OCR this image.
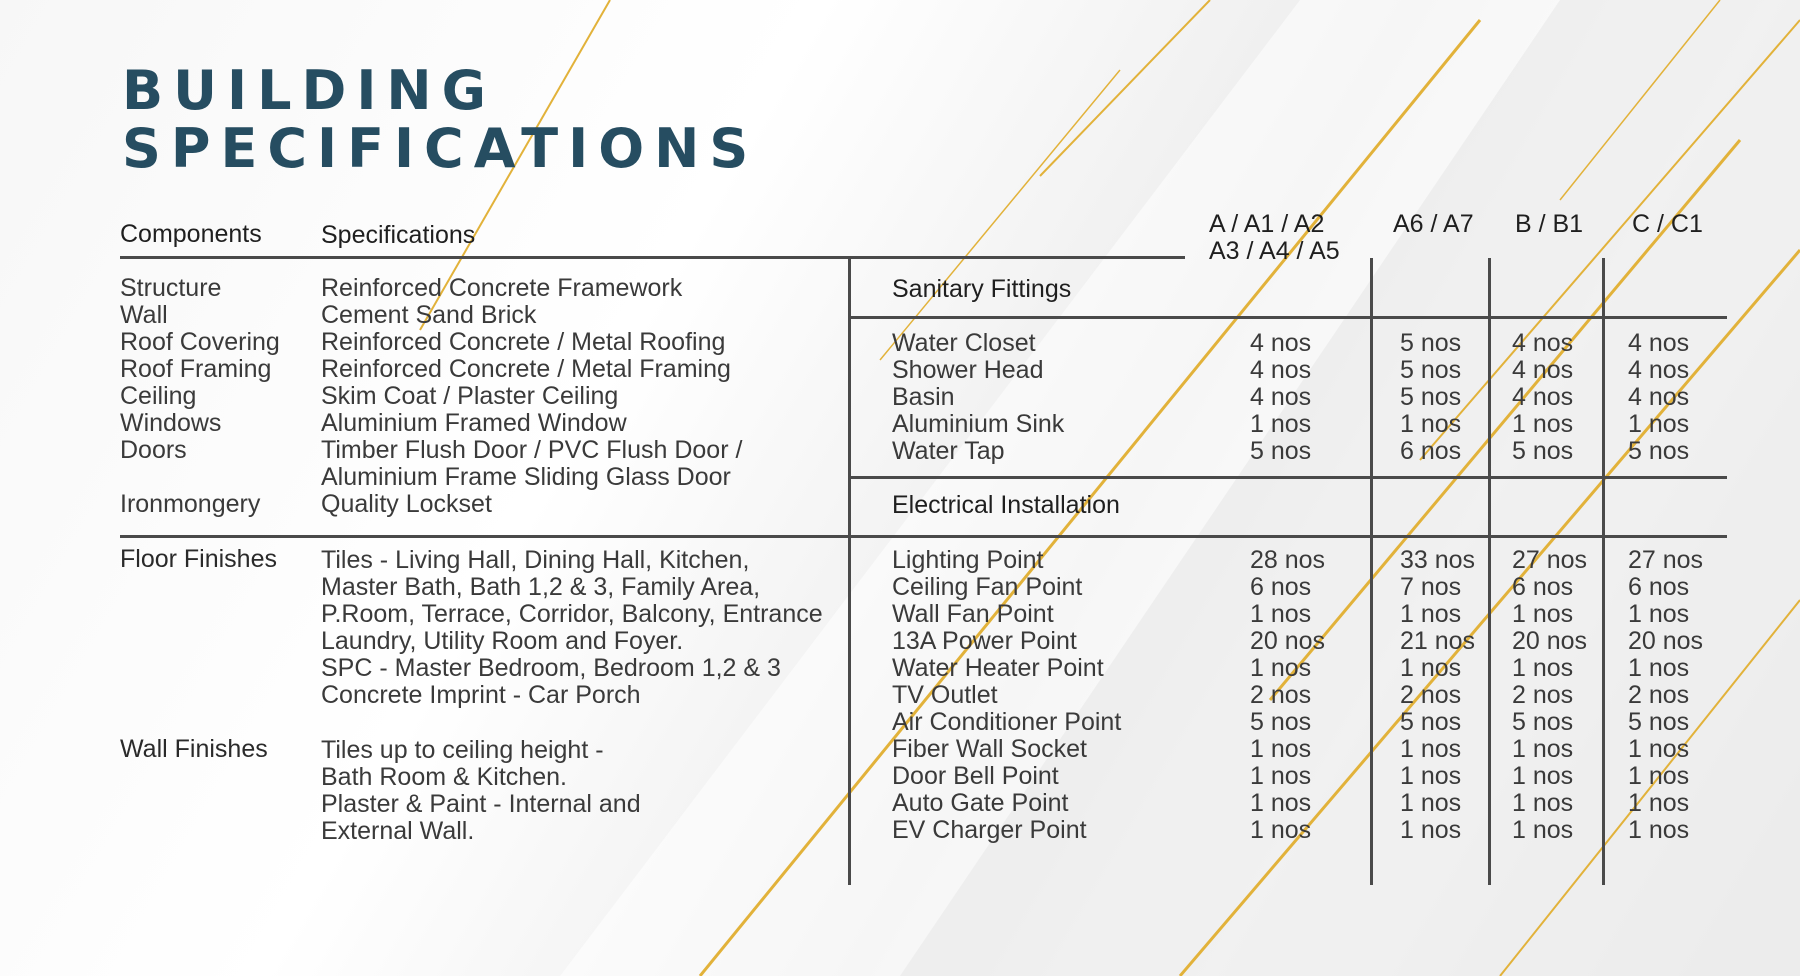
BUILDING
SPECIFICATIONS
Components Specifications	A / A1 / A2
A3 / A4 / A5
A6 / A7 B / B1 C / C1
Structure
Wall
Roof Covering
Roof Framing
Ceiling
Windows
Doors
Ironmongery
Reinforced Concrete Framework
Cement Sand Brick
Reinforced Concrete / Metal Roofing
Reinforced Concrete / Metal Framing
Skim Coat / Plaster Ceiling
Aluminium Framed Window
Timber Flush Door / PVC Flush Door /
Aluminium Frame Sliding Glass Door
Quality Lockset
Floor Finishes Tiles - Living Hall, Dining Hall, Kitchen,
Master Bath, Bath 1,2 & 3, Family Area,
P.Room, Terrace, Corridor, Balcony, Entrance
Laundry, Utility Room and Foyer.
SPC - Master Bedroom, Bedroom 1,2 & 3
Concrete Imprint - Car Porch
Wall Finishes Tiles up to ceiling height -
Bath Room & Kitchen.
Plaster & Paint - Internal and
External Wall.
Sanitary Fittings
Water Closet
Shower Head
Basin
Aluminium Sink
Water Tap
4 nos
4 nos
4 nos
1 nos
5 nos
5 nos
5 nos
5 nos
1 nos
6 nos
4 nos
4 nos
4 nos
1 nos
5 nos
4 nos
4 nos
4 nos
1 nos
5 nos
Electrical Installation
Lighting Point
Ceiling Fan Point
Wall Fan Point
13A Power Point
Water Heater Point
TV Outlet
Air Conditioner Point
Fiber Wall Socket
Door Bell Point
Auto Gate Point
EV Charger Point
28 nos
6 nos
1 nos
20 nos
1 nos
2 nos
5 nos
1 nos
1 nos
1 nos
1 nos
33 nos
7 nos
1 nos
21 nos
1 nos
2 nos
5 nos
1 nos
1 nos
1 nos
1 nos
27 nos
6 nos
1 nos
20 nos
1 nos
2 nos
5 nos
1 nos
1 nos
1 nos
1 nos
27 nos
6 nos
1 nos
20 nos
1 nos
2 nos
5 nos
1 nos
1 nos
1 nos
1 nos
